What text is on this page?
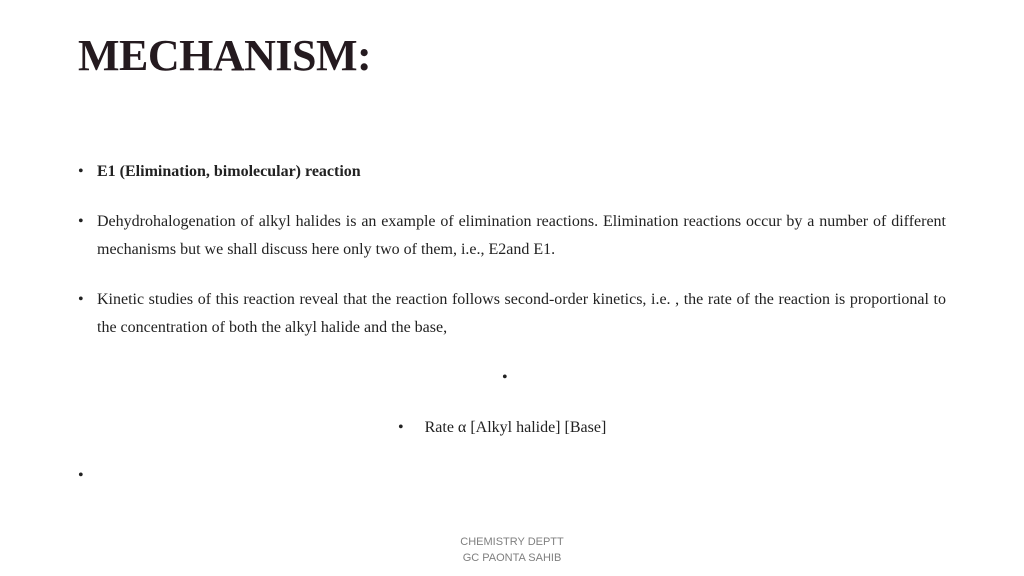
MECHANISM:
• E1 (Elimination, bimolecular) reaction
• Dehydrohalogenation of alkyl halides is an example of elimination reactions. Elimination reactions occur by a number of different mechanisms but we shall discuss here only two of them, i.e., E2and E1.
• Kinetic studies of this reaction reveal that the reaction follows second-order kinetics, i.e. , the rate of the reaction is proportional to the concentration of both the alkyl halide and the base,
•
• Rate α [Alkyl halide] [Base]
•
CHEMISTRY DEPTT
GC PAONTA SAHIB
